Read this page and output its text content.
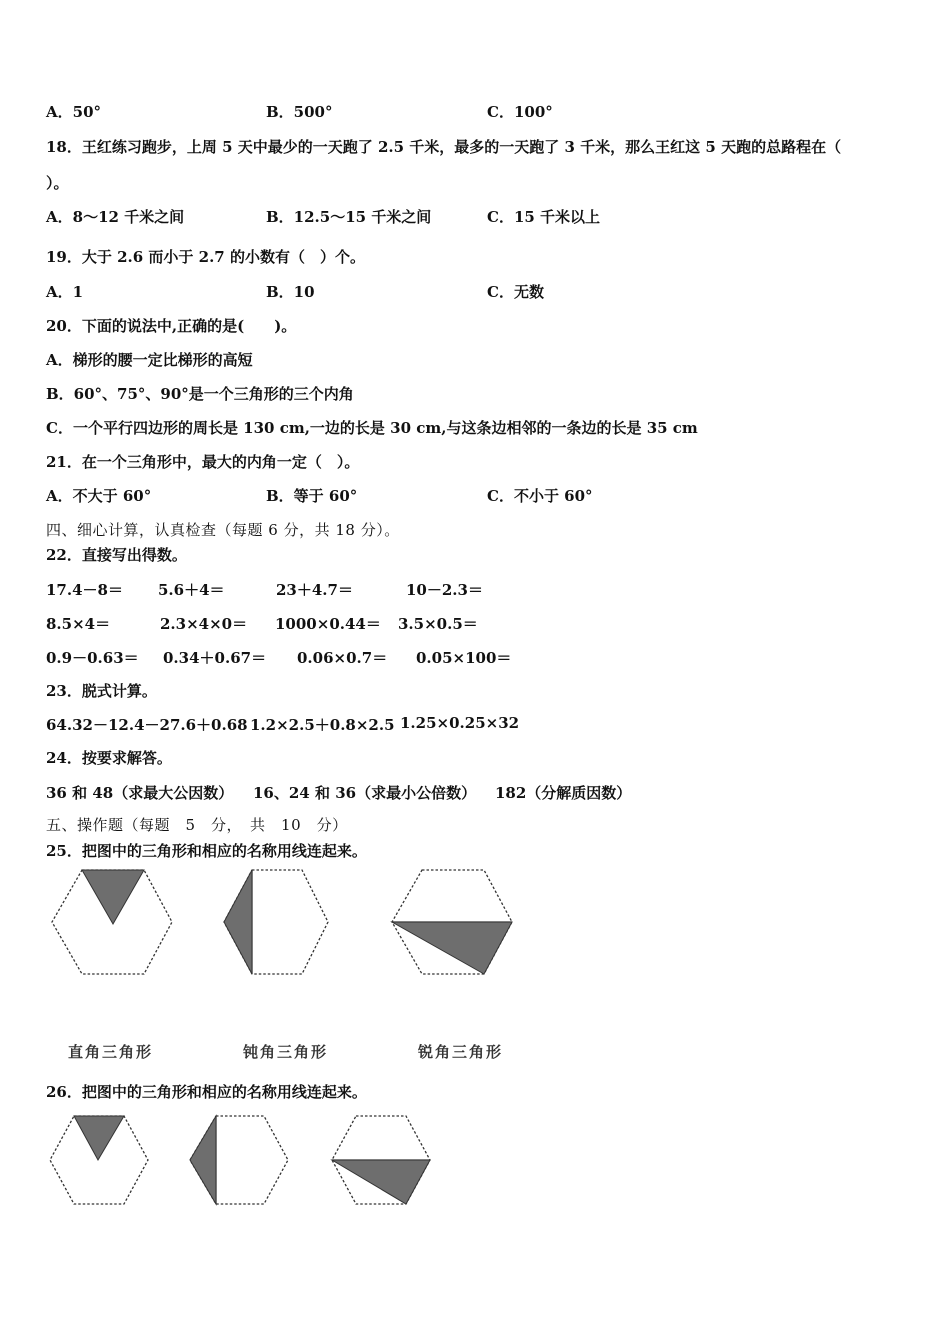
A．50°	B．500°	C．100°
18．王红练习跑步，上周 5 天中最少的一天跑了 2.5 千米，最多的一天跑了 3 千米，那么王红这 5 天跑的总路程在（
）。
A．8～12 千米之间	B．12.5～15 千米之间	C．15 千米以上
19．大于 2.6 而小于 2.7 的小数有（　）个。
A．1	B．10	C．无数
20．下面的说法中,正确的是(　　)。
A．梯形的腰一定比梯形的高短
B．60°、75°、90°是一个三角形的三个内角
C．一个平行四边形的周长是 130 cm,一边的长是 30 cm,与这条边相邻的一条边的长是 35 cm
21．在一个三角形中，最大的内角一定（　）。
A．不大于 60°	B．等于 60°	C．不小于 60°
四、细心计算，认真检查（每题 6 分，共 18 分）。
22．直接写出得数。
17.4－8＝ 5.6＋4＝	23＋4.7＝	10－2.3＝
8.5×4＝	2.3×4×0＝ 1000×0.44＝ 3.5×0.5＝
0.9－0.63＝ 0.34＋0.67＝ 0.06×0.7＝ 0.05×100＝
23．脱式计算。
64.32－12.4－27.6＋0.68 1.2×2.5＋0.8×2.5 1.25×0.25×32
24．按要求解答。
36 和 48（求最大公因数） 16、24 和 36（求最小公倍数） 182（分解质因数）
五、操作题（每题　5　分，　共　10　分）
25．把图中的三角形和相应的名称用线连起来。
直角三角形	钝角三角形	锐角三角形
26．把图中的三角形和相应的名称用线连起来。
